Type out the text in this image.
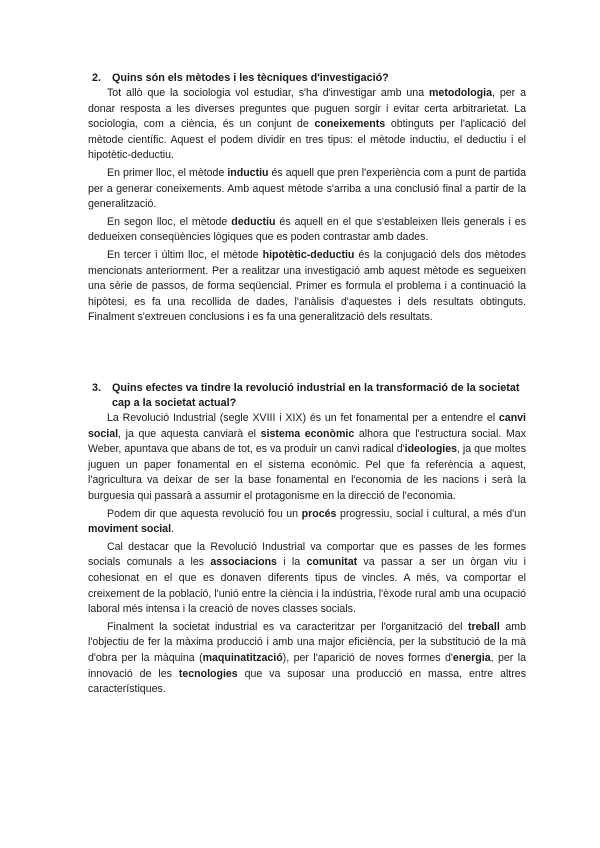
2.	Quins són els mètodes i les tècniques d'investigació?

Tot allò que la sociologia vol estudiar, s'ha d'investigar amb una metodologia, per a donar resposta a les diverses preguntes que puguen sorgir i evitar certa arbitrarietat. La sociologia, com a ciència, és un conjunt de coneixements obtinguts per l'aplicació del mètode científic. Aquest el podem dividir en tres tipus: el mètode inductiu, el deductiu i el hipotètic-deductiu.

En primer lloc, el mètode inductiu és aquell que pren l'experiència com a punt de partida per a generar coneixements. Amb aquest mètode s'arriba a una conclusió final a partir de la generalització.

En segon lloc, el mètode deductiu és aquell en el que s'estableixen lleis generals i es dedueixen conseqüències lògiques que es poden contrastar amb dades.

En tercer i últim lloc, el mètode hipotètic-deductiu és la conjugació dels dos mètodes mencionats anteriorment. Per a realitzar una investigació amb aquest mètode es segueixen una sèrie de passos, de forma seqüencial. Primer es formula el problema i a continuació la hipòtesi, es fa una recollida de dades, l'anàlisis d'aquestes i dels resultats obtinguts. Finalment s'extreuen conclusions i es fa una generalització dels resultats.

3.	Quins efectes va tindre la revolució industrial en la transformació de la societat cap a la societat actual?

La Revolució Industrial (segle XVIII i XIX) és un fet fonamental per a entendre el canvi social, ja que aquesta canviarà el sistema econòmic alhora que l'estructura social. Max Weber, apuntava que abans de tot, es va produir un canvi radical d'ideologies, ja que moltes juguen un paper fonamental en el sistema econòmic. Pel que fa referència a aquest, l'agricultura va deixar de ser la base fonamental en l'economia de les nacions i serà la burguesia qui passarà a assumir el protagonisme en la direcció de l'economia.

Podem dir que aquesta revolució fou un procés progressiu, social i cultural, a més d'un moviment social.

Cal destacar que la Revolució Industrial va comportar que es passes de les formes socials comunals a les associacions i la comunitat va passar a ser un òrgan viu i cohesionat en el que es donaven diferents tipus de vincles. A més, va comportar el creixement de la població, l'unió entre la ciència i la indústria, l'èxode rural amb una ocupació laboral més intensa i la creació de noves classes socials.

Finalment la societat industrial es va caracteritzar per l'organització del treball amb l'objectiu de fer la màxima producció i amb una major eficiència, per la substitució de la mà d'obra per la màquina (maquinatització), per l'aparició de noves formes d'energia, per la innovació de les tecnologies que va suposar una producció en massa, entre altres característiques.
